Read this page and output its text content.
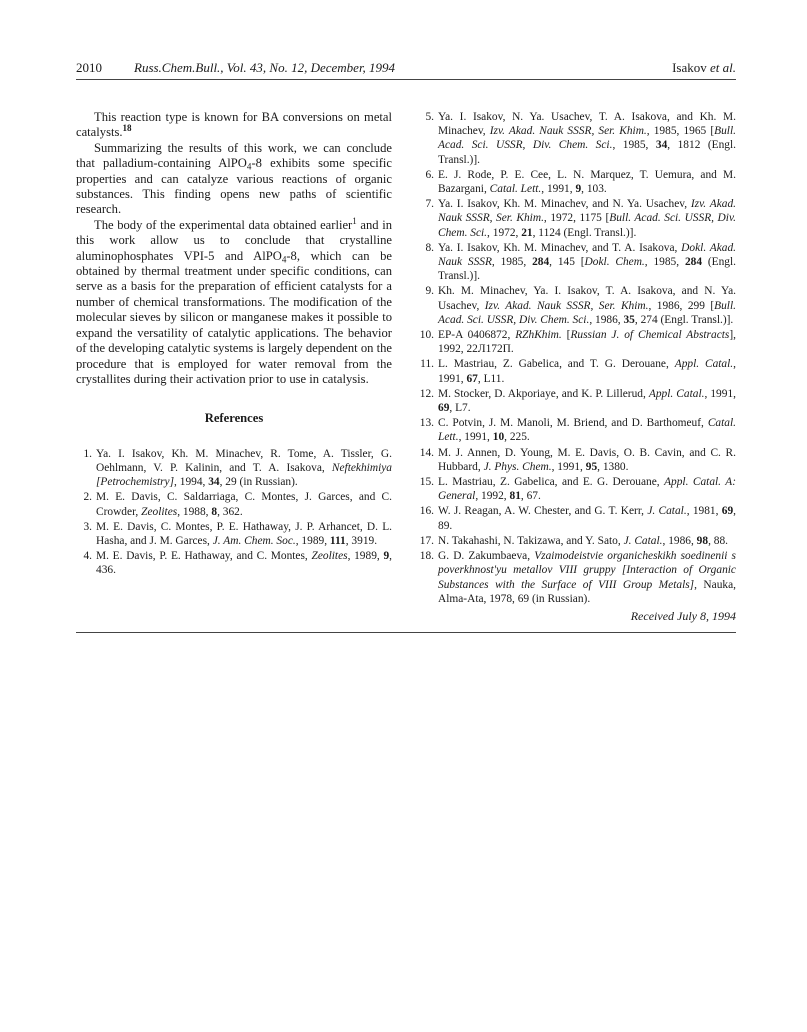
2010 Russ.Chem.Bull., Vol. 43, No. 12, December, 1994	Isakov et al.

This reaction type is known for BA conversions on metal catalysts.$^{18}$

Summarizing the results of this work, we can conclude that palladium-containing AlPO$_4$-8 exhibits some specific properties and can catalyze various reactions of organic substances. This finding opens new paths of scientific research.

The body of the experimental data obtained earlier$^1$ and in this work allow us to conclude that crystalline aluminophosphates VPI-5 and AlPO$_4$-8, which can be obtained by thermal treatment under specific conditions, can serve as a basis for the preparation of efficient catalysts for a number of chemical transformations. The modification of the molecular sieves by silicon or manganese makes it possible to expand the versatility of catalytic applications. The behavior of the developing catalytic systems is largely dependent on the procedure that is employed for water removal from the crystallites during their activation prior to use in catalysis.

References
1. Ya. I. Isakov, Kh. M. Minachev, R. Tome, A. Tissler, G. Oehlmann, V. P. Kalinin, and T. A. Isakova, Neftekhimiya [Petrochemistry], 1994, 34, 29 (in Russian).
2. M. E. Davis, C. Saldarriaga, C. Montes, J. Garces, and C. Crowder, Zeolites, 1988, 8, 362.
3. M. E. Davis, C. Montes, P. E. Hathaway, J. P. Arhancet, D. L. Hasha, and J. M. Garces, J. Am. Chem. Soc., 1989, 111, 3919.
4. M. E. Davis, P. E. Hathaway, and C. Montes, Zeolites, 1989, 9, 436.
5. Ya. I. Isakov, N. Ya. Usachev, T. A. Isakova, and Kh. M. Minachev, Izv. Akad. Nauk SSSR, Ser. Khim., 1985, 1965 [Bull. Acad. Sci. USSR, Div. Chem. Sci., 1985, 34, 1812 (Engl. Transl.)].
6. E. J. Rode, P. E. Cee, L. N. Marquez, T. Uemura, and M. Bazargani, Catal. Lett., 1991, 9, 103.
7. Ya. I. Isakov, Kh. M. Minachev, and N. Ya. Usachev, Izv. Akad. Nauk SSSR, Ser. Khim., 1972, 1175 [Bull. Acad. Sci. USSR, Div. Chem. Sci., 1972, 21, 1124 (Engl. Transl.)].
8. Ya. I. Isakov, Kh. M. Minachev, and T. A. Isakova, Dokl. Akad. Nauk SSSR, 1985, 284, 145 [Dokl. Chem., 1985, 284 (Engl. Transl.)].
9. Kh. M. Minachev, Ya. I. Isakov, T. A. Isakova, and N. Ya. Usachev, Izv. Akad. Nauk SSSR, Ser. Khim., 1986, 299 [Bull. Acad. Sci. USSR, Div. Chem. Sci., 1986, 35, 274 (Engl. Transl.)].
10. EP-A 0406872, RZhKhim. [Russian J. of Chemical Abstracts], 1992, 22Л172П.
11. L. Mastriau, Z. Gabelica, and T. G. Derouane, Appl. Catal., 1991, 67, L11.
12. M. Stocker, D. Akporiaye, and K. P. Lillerud, Appl. Catal., 1991, 69, L7.
13. C. Potvin, J. M. Manoli, M. Briend, and D. Barthomeuf, Catal. Lett., 1991, 10, 225.
14. M. J. Annen, D. Young, M. E. Davis, O. B. Cavin, and C. R. Hubbard, J. Phys. Chem., 1991, 95, 1380.
15. L. Mastriau, Z. Gabelica, and E. G. Derouane, Appl. Catal. A: General, 1992, 81, 67.
16. W. J. Reagan, A. W. Chester, and G. T. Kerr, J. Catal., 1981, 69, 89.
17. N. Takahashi, N. Takizawa, and Y. Sato, J. Catal., 1986, 98, 88.
18. G. D. Zakumbaeva, Vzaimodeistvie organicheskikh soedinenii s poverkhnost'yu metallov VIII gruppy [Interaction of Organic Substances with the Surface of VIII Group Metals], Nauka, Alma-Ata, 1978, 69 (in Russian).
Received July 8, 1994
